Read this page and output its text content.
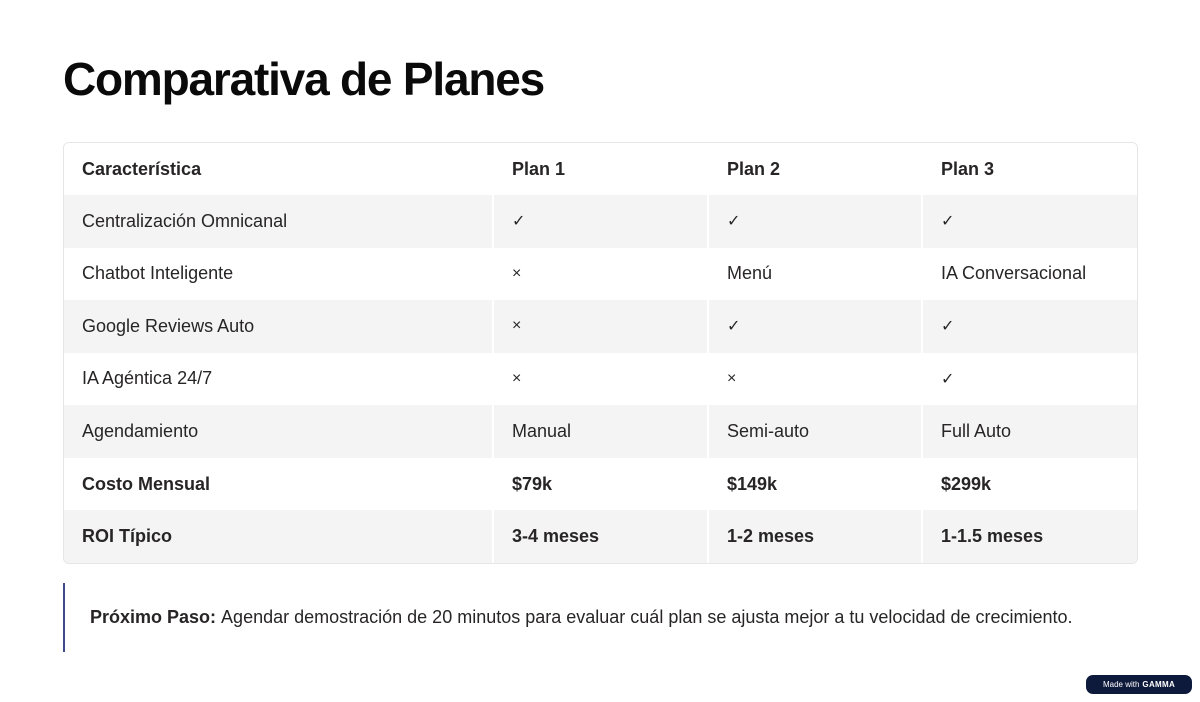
Comparativa de Planes
Característica	Plan 1	Plan 2	Plan 3
Centralización Omnicanal	✓	✓	✓
Chatbot Inteligente	×	Menú	IA Conversacional
Google Reviews Auto	×	✓	✓
IA Agéntica 24/7	×	×	✓
Agendamiento	Manual	Semi-auto	Full Auto
Costo Mensual	$79k	$149k	$299k
ROI Típico	3-4 meses	1-2 meses	1-1.5 meses
Próximo Paso: Agendar demostración de 20 minutos para evaluar cuál plan se ajusta mejor a tu velocidad de crecimiento.
Made with GAMMA
